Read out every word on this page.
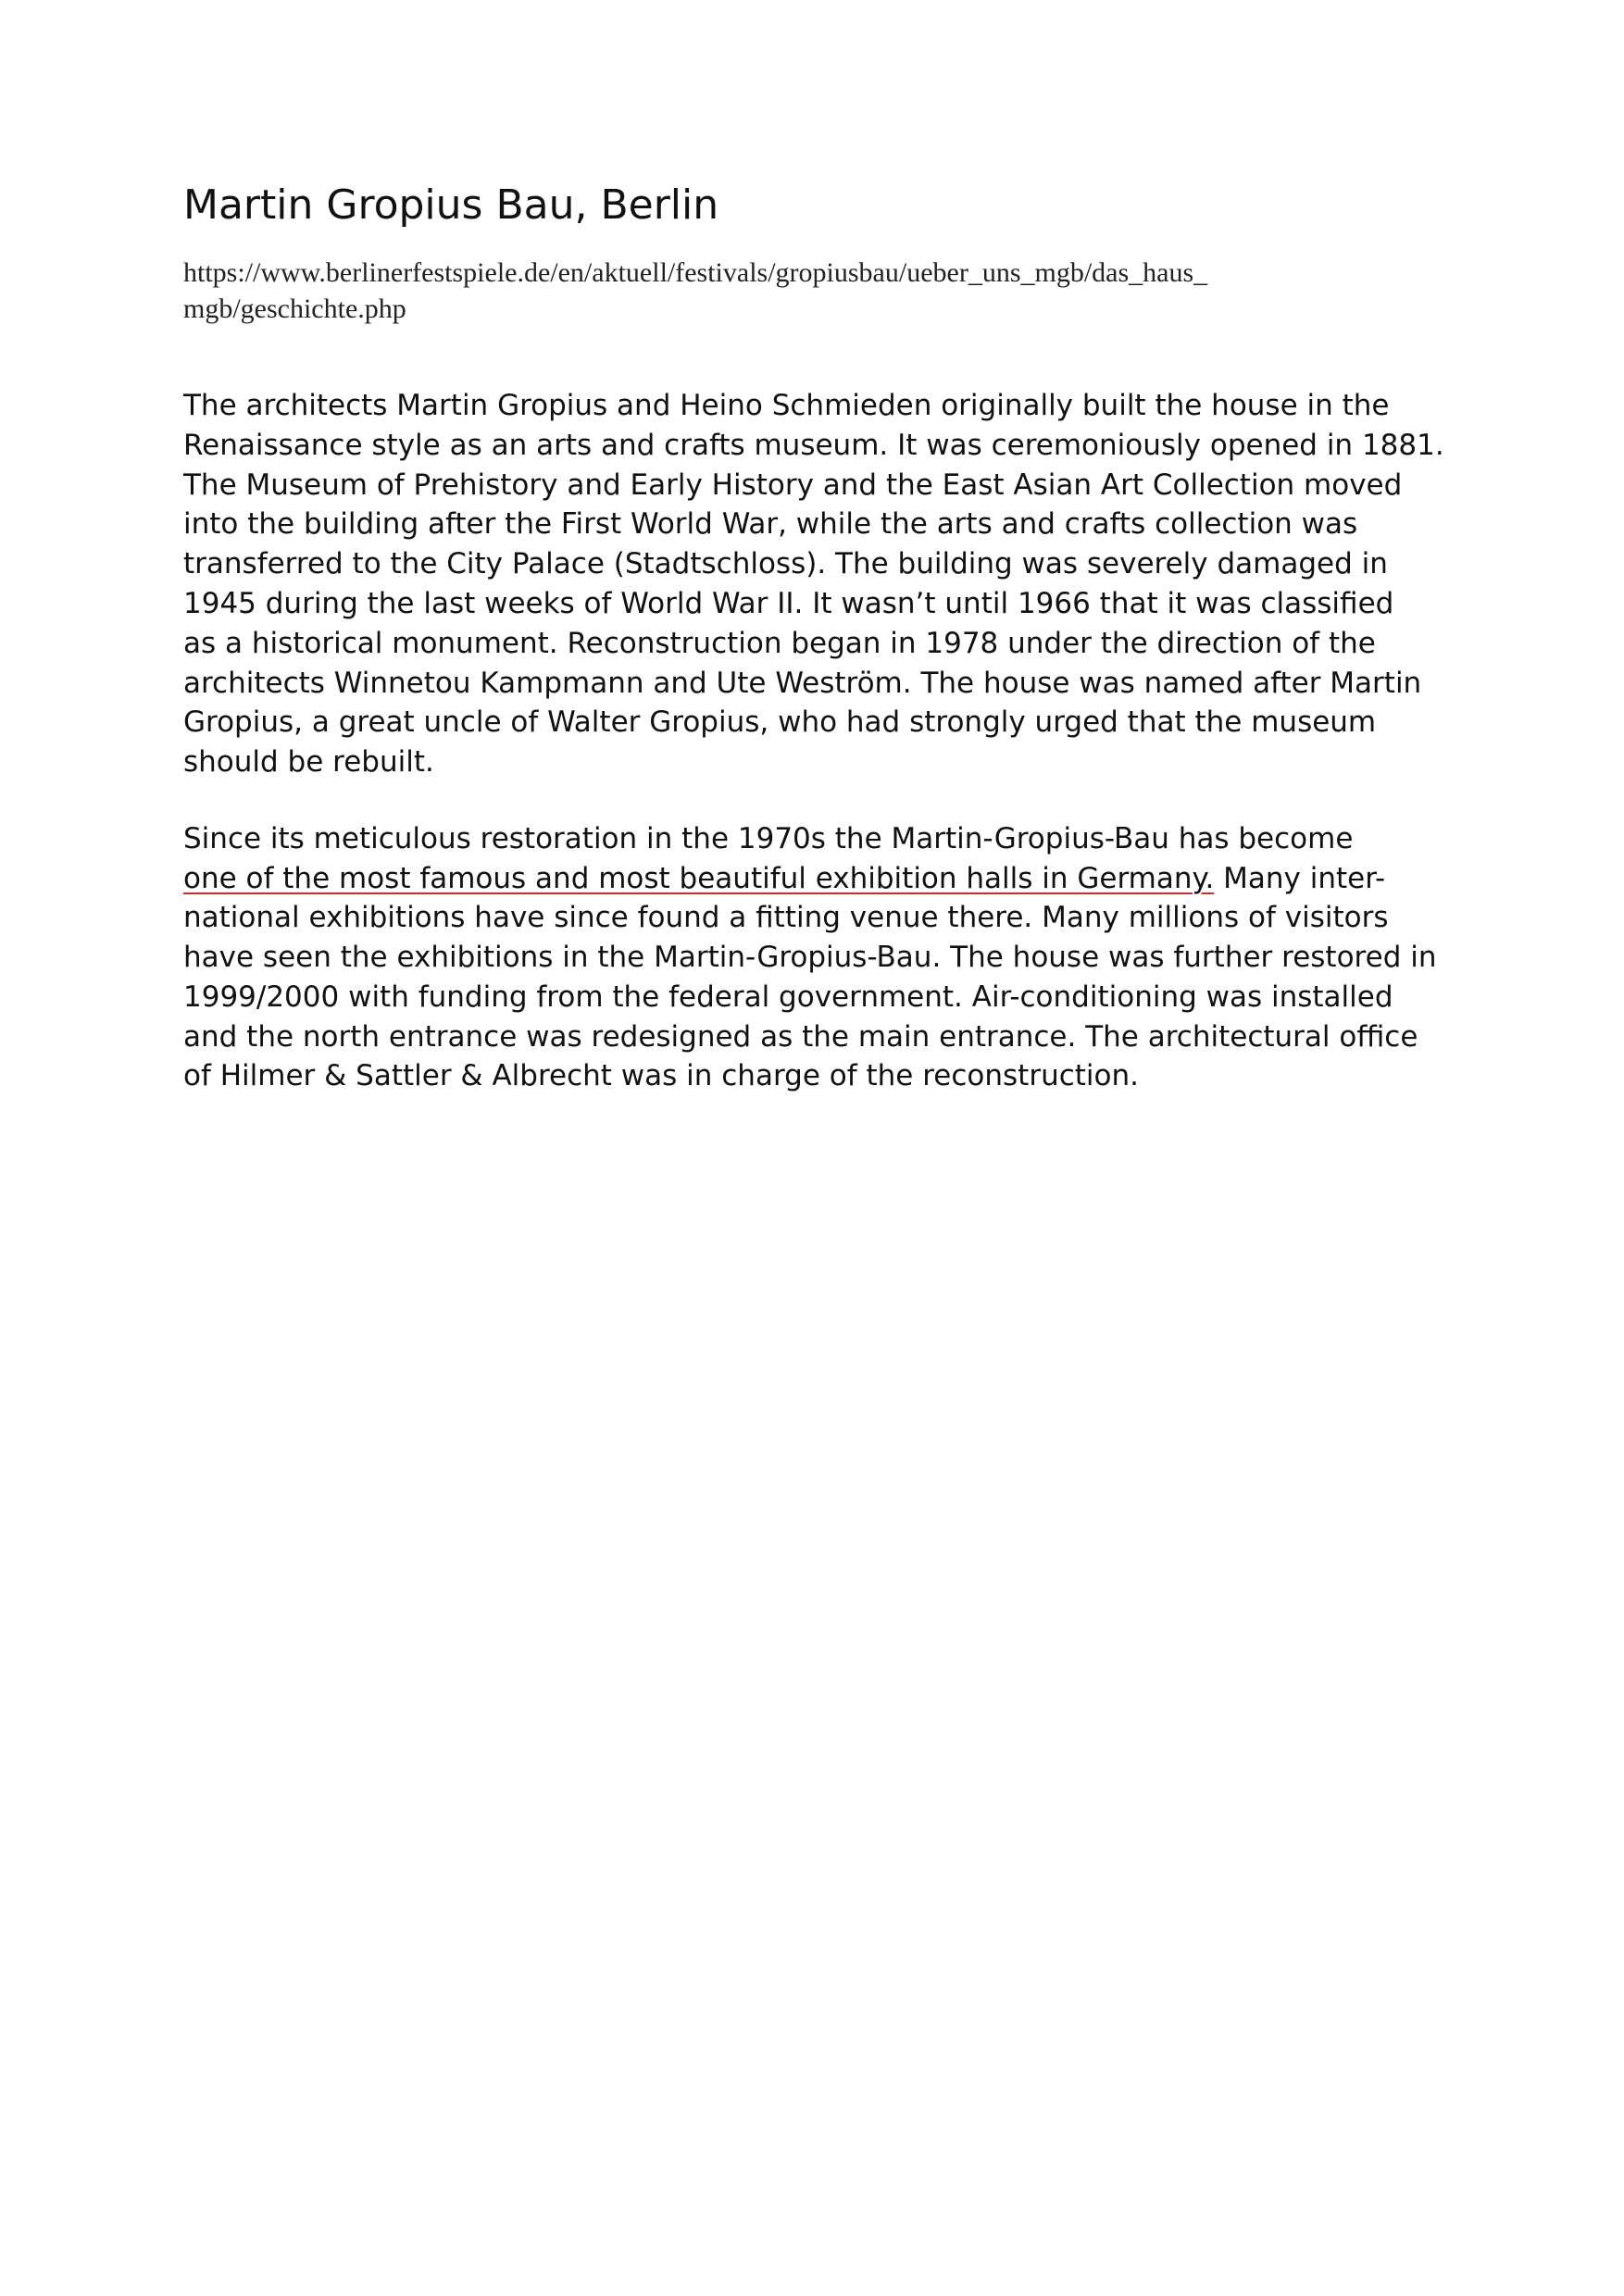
Martin Gropius Bau, Berlin
https://www.berlinerfestspiele.de/en/aktuell/festivals/gropiusbau/ueber_uns_mgb/das_haus_
mgb/geschichte.php
The architects Martin Gropius and Heino Schmieden originally built the house in the
Renaissance style as an arts and crafts museum. It was ceremoniously opened in 1881.
The Museum of Prehistory and Early History and the East Asian Art Collection moved
into the building after the First World War, while the arts and crafts collection was
transferred to the City Palace (Stadtschloss). The building was severely damaged in
1945 during the last weeks of World War II. It wasn’t until 1966 that it was classified
as a historical monument. Reconstruction began in 1978 under the direction of the
architects Winnetou Kampmann and Ute Weström. The house was named after Martin
Gropius, a great uncle of Walter Gropius, who had strongly urged that the museum
should be rebuilt.
Since its meticulous restoration in the 1970s the Martin-Gropius-Bau has become
one of the most famous and most beautiful exhibition halls in Germany. Many inter-
national exhibitions have since found a fitting venue there. Many millions of visitors
have seen the exhibitions in the Martin-Gropius-Bau. The house was further restored in
1999/2000 with funding from the federal government. Air-conditioning was installed
and the north entrance was redesigned as the main entrance. The architectural office
of Hilmer & Sattler & Albrecht was in charge of the reconstruction.
